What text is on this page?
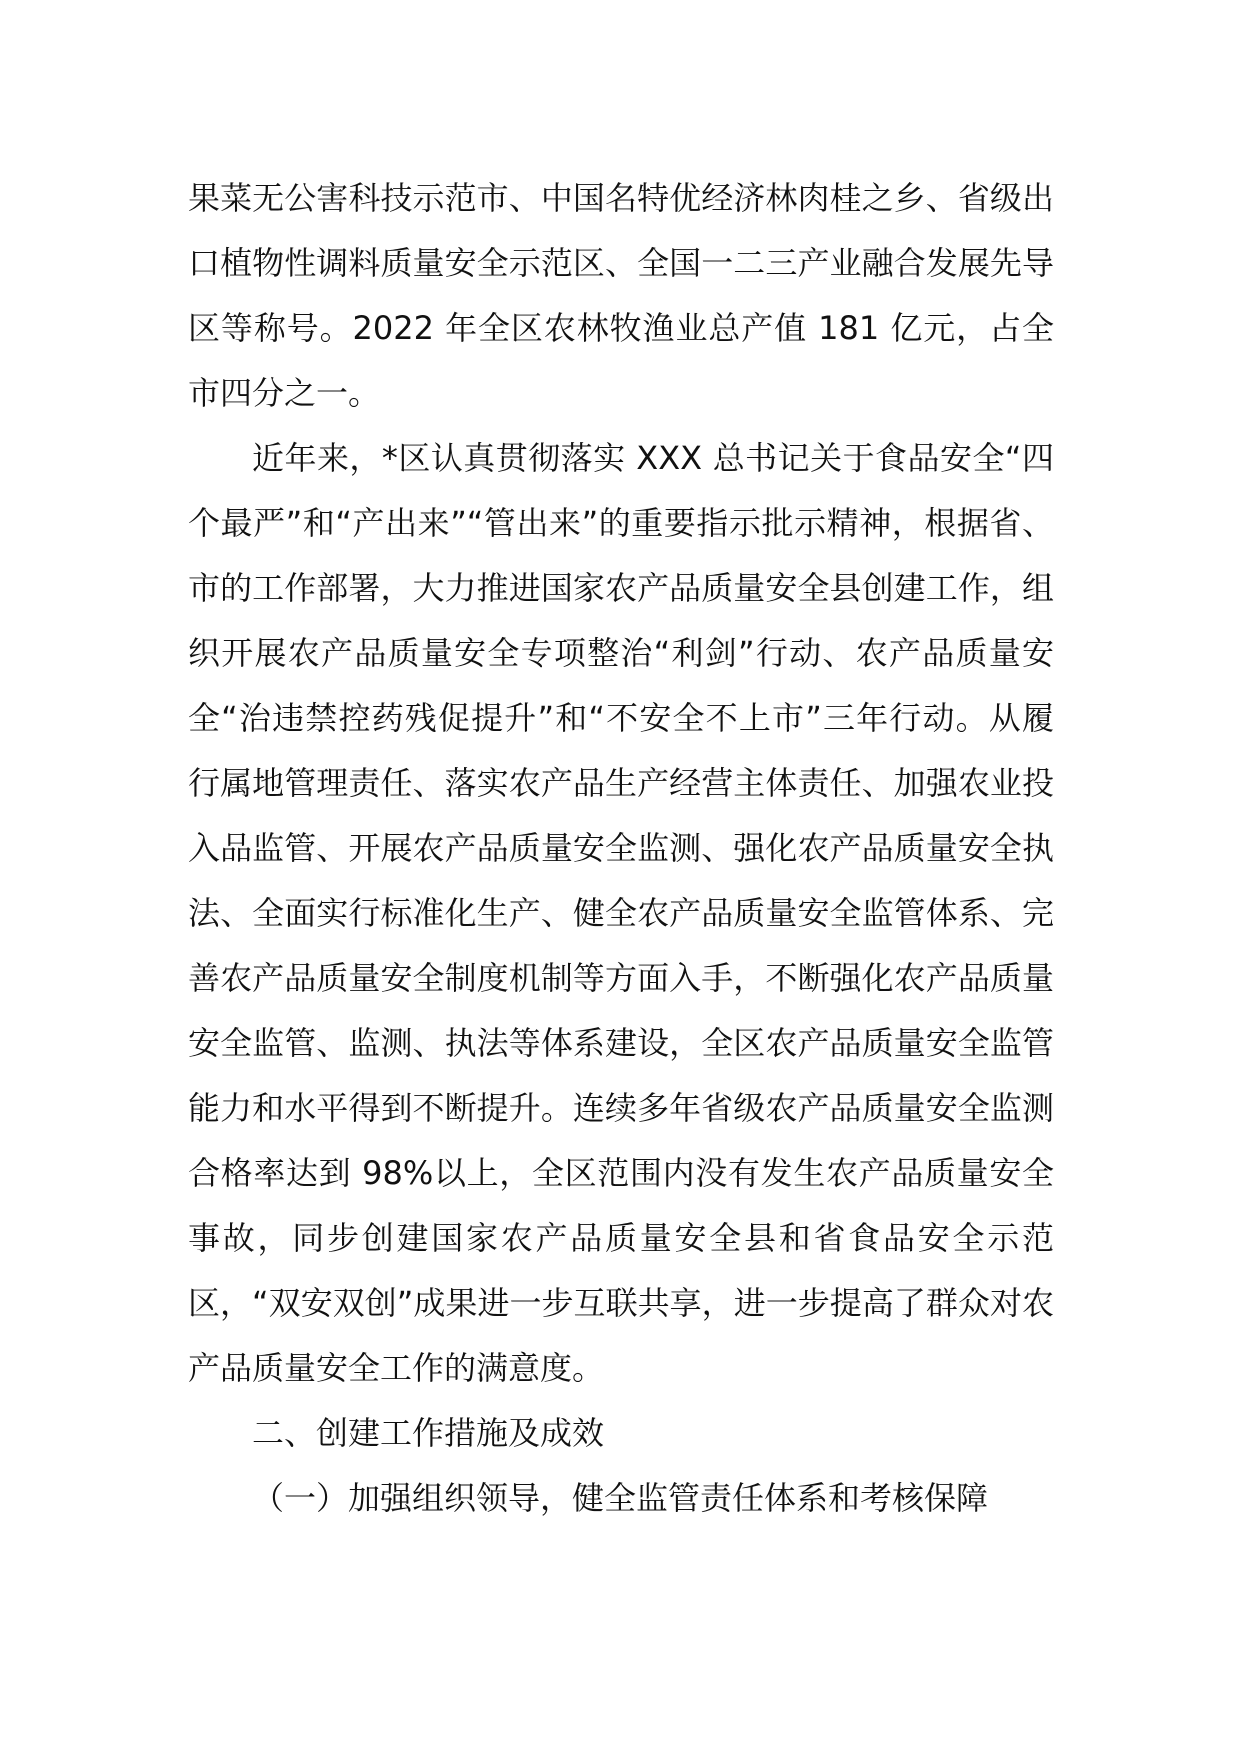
果菜无公害科技示范市、中国名特优经济林肉桂之乡、省级出口植物性调料质量安全示范区、全国一二三产业融合发展先导区等称号。2022 年全区农林牧渔业总产值 181 亿元，占全市四分之一。

近年来，*区认真贯彻落实 XXX 总书记关于食品安全“四个最严”和“产出来”“管出来”的重要指示批示精神，根据省、市的工作部署，大力推进国家农产品质量安全县创建工作，组织开展农产品质量安全专项整治“利剑”行动、农产品质量安全“治违禁控药残促提升”和“不安全不上市”三年行动。从履行属地管理责任、落实农产品生产经营主体责任、加强农业投入品监管、开展农产品质量安全监测、强化农产品质量安全执法、全面实行标准化生产、健全农产品质量安全监管体系、完善农产品质量安全制度机制等方面入手，不断强化农产品质量安全监管、监测、执法等体系建设，全区农产品质量安全监管能力和水平得到不断提升。连续多年省级农产品质量安全监测合格率达到 98%以上，全区范围内没有发生农产品质量安全事故，同步创建国家农产品质量安全县和省食品安全示范区，“双安双创”成果进一步互联共享，进一步提高了群众对农产品质量安全工作的满意度。

二、创建工作措施及成效

（一）加强组织领导，健全监管责任体系和考核保障
